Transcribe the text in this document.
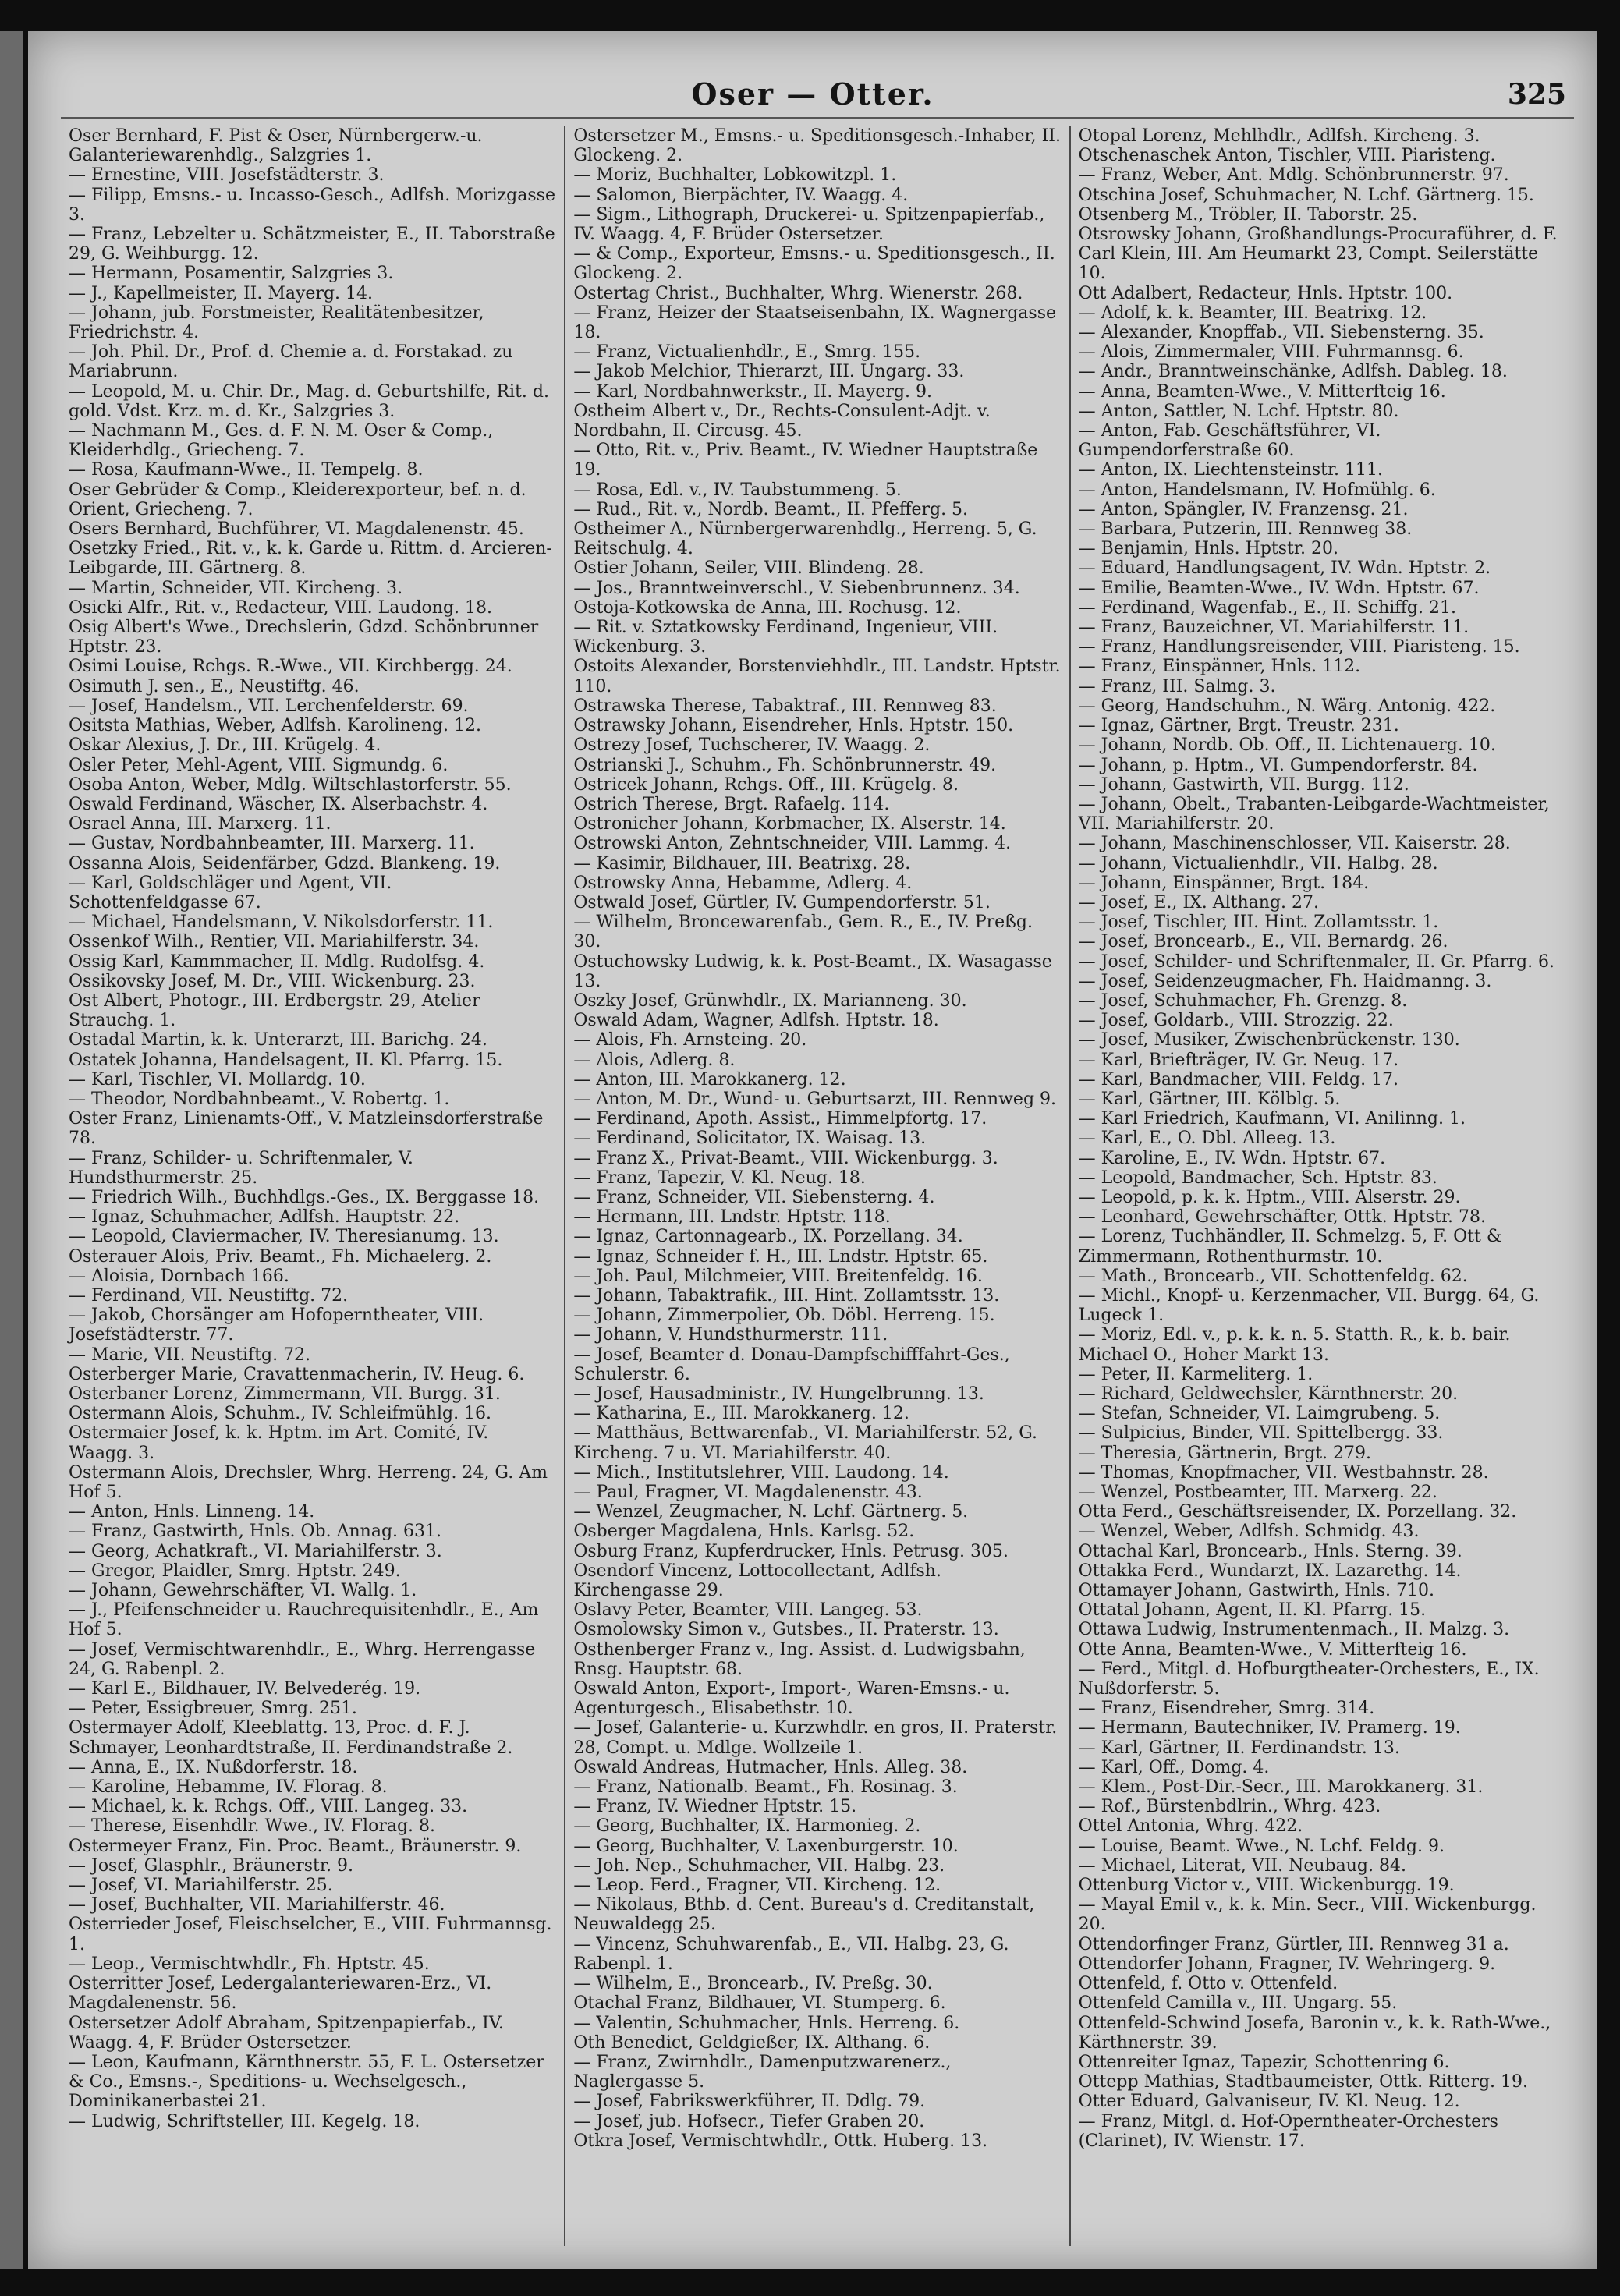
Oser — Otter.	325

Oser Bernhard, F. Pist & Oser, Nürnbergerw.-u. Galanteriewarenhdlg., Salzgries 1.

— Ernestine, VIII. Josefstädterstr. 3.

— Filipp, Emsns.- u. Incasso-Gesch., Adlfsh. Morizgasse 3.

— Franz, Lebzelter u. Schätzmeister, E., II. Taborstraße 29, G. Weihburgg. 12.

— Hermann, Posamentir, Salzgries 3.

— J., Kapellmeister, II. Mayerg. 14.

— Johann, jub. Forstmeister, Realitätenbesitzer, Friedrichstr. 4.

— Joh. Phil. Dr., Prof. d. Chemie a. d. Forstakad. zu Mariabrunn.

— Leopold, M. u. Chir. Dr., Mag. d. Geburtshilfe, Rit. d. gold. Vdst. Krz. m. d. Kr., Salzgries 3.

— Nachmann M., Ges. d. F. N. M. Oser & Comp., Kleiderhdlg., Griecheng. 7.

— Rosa, Kaufmann-Wwe., II. Tempelg. 8.

Oser Gebrüder & Comp., Kleiderexporteur, bef. n. d. Orient, Griecheng. 7.

Osers Bernhard, Buchführer, VI. Magdalenenstr. 45.

Osetzky Fried., Rit. v., k. k. Garde u. Rittm. d. Arcieren-Leibgarde, III. Gärtnerg. 8.

— Martin, Schneider, VII. Kircheng. 3.

Osicki Alfr., Rit. v., Redacteur, VIII. Laudong. 18.

Osig Albert's Wwe., Drechslerin, Gdzd. Schönbrunner Hptstr. 23.

Osimi Louise, Rchgs. R.-Wwe., VII. Kirchbergg. 24.

Osimuth J. sen., E., Neustiftg. 46.

— Josef, Handelsm., VII. Lerchenfelderstr. 69.

Ositsta Mathias, Weber, Adlfsh. Karolineng. 12.

Oskar Alexius, J. Dr., III. Krügelg. 4.

Osler Peter, Mehl-Agent, VIII. Sigmundg. 6.

Osoba Anton, Weber, Mdlg. Wiltschlastorferstr. 55.

Oswald Ferdinand, Wäscher, IX. Alserbachstr. 4.

Osrael Anna, III. Marxerg. 11.

— Gustav, Nordbahnbeamter, III. Marxerg. 11.

Ossanna Alois, Seidenfärber, Gdzd. Blankeng. 19.

— Karl, Goldschläger und Agent, VII. Schottenfeldgasse 67.

— Michael, Handelsmann, V. Nikolsdorferstr. 11.

Ossenkof Wilh., Rentier, VII. Mariahilferstr. 34.

Ossig Karl, Kammmacher, II. Mdlg. Rudolfsg. 4.

Ossikovsky Josef, M. Dr., VIII. Wickenburg. 23.

Ost Albert, Photogr., III. Erdbergstr. 29, Atelier Strauchg. 1.

Ostadal Martin, k. k. Unterarzt, III. Barichg. 24.

Ostatek Johanna, Handelsagent, II. Kl. Pfarrg. 15.

— Karl, Tischler, VI. Mollardg. 10.

— Theodor, Nordbahnbeamt., V. Robertg. 1.

Oster Franz, Linienamts-Off., V. Matzleinsdorferstraße 78.

— Franz, Schilder- u. Schriftenmaler, V. Hundsthurmerstr. 25.

— Friedrich Wilh., Buchhdlgs.-Ges., IX. Berggasse 18.

— Ignaz, Schuhmacher, Adlfsh. Hauptstr. 22.

— Leopold, Claviermacher, IV. Theresianumg. 13.

Osterauer Alois, Priv. Beamt., Fh. Michaelerg. 2.

— Aloisia, Dornbach 166.

— Ferdinand, VII. Neustiftg. 72.

— Jakob, Chorsänger am Hofoperntheater, VIII. Josefstädterstr. 77.

— Marie, VII. Neustiftg. 72.

Osterberger Marie, Cravattenmacherin, IV. Heug. 6.

Osterbaner Lorenz, Zimmermann, VII. Burgg. 31.

Ostermann Alois, Schuhm., IV. Schleifmühlg. 16.

Ostermaier Josef, k. k. Hptm. im Art. Comité, IV. Waagg. 3.

Ostermann Alois, Drechsler, Whrg. Herreng. 24, G. Am Hof 5.

— Anton, Hnls. Linneng. 14.

— Franz, Gastwirth, Hnls. Ob. Annag. 631.

— Georg, Achatkraft., VI. Mariahilferstr. 3.

— Gregor, Plaidler, Smrg. Hptstr. 249.

— Johann, Gewehrschäfter, VI. Wallg. 1.

— J., Pfeifenschneider u. Rauchrequisitenhdlr., E., Am Hof 5.

— Josef, Vermischtwarenhdlr., E., Whrg. Herrengasse 24, G. Rabenpl. 2.

— Karl E., Bildhauer, IV. Belvederég. 19.

— Peter, Essigbreuer, Smrg. 251.

Ostermayer Adolf, Kleeblattg. 13, Proc. d. F. J. Schmayer, Leonhardtstraße, II. Ferdinandstraße 2.

— Anna, E., IX. Nußdorferstr. 18.

— Karoline, Hebamme, IV. Florag. 8.

— Michael, k. k. Rchgs. Off., VIII. Langeg. 33.

— Therese, Eisenhdlr. Wwe., IV. Florag. 8.

Ostermeyer Franz, Fin. Proc. Beamt., Bräunerstr. 9.

— Josef, Glasphlr., Bräunerstr. 9.

— Josef, VI. Mariahilferstr. 25.

— Josef, Buchhalter, VII. Mariahilferstr. 46.

Osterrieder Josef, Fleischselcher, E., VIII. Fuhrmannsg. 1.

— Leop., Vermischtwhdlr., Fh. Hptstr. 45.

Osterritter Josef, Ledergalanteriewaren-Erz., VI. Magdalenenstr. 56.

Ostersetzer Adolf Abraham, Spitzenpapierfab., IV. Waagg. 4, F. Brüder Ostersetzer.

— Leon, Kaufmann, Kärnthnerstr. 55, F. L. Ostersetzer & Co., Emsns.-, Speditions- u. Wechselgesch., Dominikanerbastei 21.

— Ludwig, Schriftsteller, III. Kegelg. 18.

Ostersetzer M., Emsns.- u. Speditionsgesch.-Inhaber, II. Glockeng. 2.

— Moriz, Buchhalter, Lobkowitzpl. 1.

— Salomon, Bierpächter, IV. Waagg. 4.

— Sigm., Lithograph, Druckerei- u. Spitzenpapierfab., IV. Waagg. 4, F. Brüder Ostersetzer.

— & Comp., Exporteur, Emsns.- u. Speditionsgesch., II. Glockeng. 2.

Ostertag Christ., Buchhalter, Whrg. Wienerstr. 268.

— Franz, Heizer der Staatseisenbahn, IX. Wagnergasse 18.

— Franz, Victualienhdlr., E., Smrg. 155.

— Jakob Melchior, Thierarzt, III. Ungarg. 33.

— Karl, Nordbahnwerkstr., II. Mayerg. 9.

Ostheim Albert v., Dr., Rechts-Consulent-Adjt. v. Nordbahn, II. Circusg. 45.

— Otto, Rit. v., Priv. Beamt., IV. Wiedner Hauptstraße 19.

— Rosa, Edl. v., IV. Taubstummeng. 5.

— Rud., Rit. v., Nordb. Beamt., II. Pfefferg. 5.

Ostheimer A., Nürnbergerwarenhdlg., Herreng. 5, G. Reitschulg. 4.

Ostier Johann, Seiler, VIII. Blindeng. 28.

— Jos., Branntweinverschl., V. Siebenbrunnenz. 34.

Ostoja-Kotkowska de Anna, III. Rochusg. 12.

— Rit. v. Sztatkowsky Ferdinand, Ingenieur, VIII. Wickenburg. 3.

Ostoits Alexander, Borstenviehhdlr., III. Landstr. Hptstr. 110.

Ostrawska Therese, Tabaktraf., III. Rennweg 83.

Ostrawsky Johann, Eisendreher, Hnls. Hptstr. 150.

Ostrezy Josef, Tuchscherer, IV. Waagg. 2.

Ostrianski J., Schuhm., Fh. Schönbrunnerstr. 49.

Ostricek Johann, Rchgs. Off., III. Krügelg. 8.

Ostrich Therese, Brgt. Rafaelg. 114.

Ostronicher Johann, Korbmacher, IX. Alserstr. 14.

Ostrowski Anton, Zehntschneider, VIII. Lammg. 4.

— Kasimir, Bildhauer, III. Beatrixg. 28.

Ostrowsky Anna, Hebamme, Adlerg. 4.

Ostwald Josef, Gürtler, IV. Gumpendorferstr. 51.

— Wilhelm, Broncewarenfab., Gem. R., E., IV. Preßg. 30.

Ostuchowsky Ludwig, k. k. Post-Beamt., IX. Wasagasse 13.

Oszky Josef, Grünwhdlr., IX. Marianneng. 30.

Oswald Adam, Wagner, Adlfsh. Hptstr. 18.

— Alois, Fh. Arnsteing. 20.

— Alois, Adlerg. 8.

— Anton, III. Marokkanerg. 12.

— Anton, M. Dr., Wund- u. Geburtsarzt, III. Rennweg 9.

— Ferdinand, Apoth. Assist., Himmelpfortg. 17.

— Ferdinand, Solicitator, IX. Waisag. 13.

— Franz X., Privat-Beamt., VIII. Wickenburgg. 3.

— Franz, Tapezir, V. Kl. Neug. 18.

— Franz, Schneider, VII. Siebensterng. 4.

— Hermann, III. Lndstr. Hptstr. 118.

— Ignaz, Cartonnagearb., IX. Porzellang. 34.

— Ignaz, Schneider f. H., III. Lndstr. Hptstr. 65.

— Joh. Paul, Milchmeier, VIII. Breitenfeldg. 16.

— Johann, Tabaktrafik., III. Hint. Zollamtsstr. 13.

— Johann, Zimmerpolier, Ob. Döbl. Herreng. 15.

— Johann, V. Hundsthurmerstr. 111.

— Josef, Beamter d. Donau-Dampfschifffahrt-Ges., Schulerstr. 6.

— Josef, Hausadministr., IV. Hungelbrunng. 13.

— Katharina, E., III. Marokkanerg. 12.

— Matthäus, Bettwarenfab., VI. Mariahilferstr. 52, G. Kircheng. 7 u. VI. Mariahilferstr. 40.

— Mich., Institutslehrer, VIII. Laudong. 14.

— Paul, Fragner, VI. Magdalenenstr. 43.

— Wenzel, Zeugmacher, N. Lchf. Gärtnerg. 5.

Osberger Magdalena, Hnls. Karlsg. 52.

Osburg Franz, Kupferdrucker, Hnls. Petrusg. 305.

Osendorf Vincenz, Lottocollectant, Adlfsh. Kirchengasse 29.

Oslavy Peter, Beamter, VIII. Langeg. 53.

Osmolowsky Simon v., Gutsbes., II. Praterstr. 13.

Osthenberger Franz v., Ing. Assist. d. Ludwigsbahn, Rnsg. Hauptstr. 68.

Oswald Anton, Export-, Import-, Waren-Emsns.- u. Agenturgesch., Elisabethstr. 10.

— Josef, Galanterie- u. Kurzwhdlr. en gros, II. Praterstr. 28, Compt. u. Mdlge. Wollzeile 1.

Oswald Andreas, Hutmacher, Hnls. Alleg. 38.

— Franz, Nationalb. Beamt., Fh. Rosinag. 3.

— Franz, IV. Wiedner Hptstr. 15.

— Georg, Buchhalter, IX. Harmonieg. 2.

— Georg, Buchhalter, V. Laxenburgerstr. 10.

— Joh. Nep., Schuhmacher, VII. Halbg. 23.

— Leop. Ferd., Fragner, VII. Kircheng. 12.

— Nikolaus, Bthb. d. Cent. Bureau's d. Creditanstalt, Neuwaldegg 25.

— Vincenz, Schuhwarenfab., E., VII. Halbg. 23, G. Rabenpl. 1.

— Wilhelm, E., Broncearb., IV. Preßg. 30.

Otachal Franz, Bildhauer, VI. Stumperg. 6.

— Valentin, Schuhmacher, Hnls. Herreng. 6.

Oth Benedict, Geldgießer, IX. Althang. 6.

— Franz, Zwirnhdlr., Damenputzwarenerz., Naglergasse 5.

— Josef, Fabrikswerkführer, II. Ddlg. 79.

— Josef, jub. Hofsecr., Tiefer Graben 20.

Otkra Josef, Vermischtwhdlr., Ottk. Huberg. 13.

Otopal Lorenz, Mehlhdlr., Adlfsh. Kircheng. 3.

Otschenaschek Anton, Tischler, VIII. Piaristeng.

— Franz, Weber, Ant. Mdlg. Schönbrunnerstr. 97.

Otschina Josef, Schuhmacher, N. Lchf. Gärtnerg. 15.

Otsenberg M., Tröbler, II. Taborstr. 25.

Otsrowsky Johann, Großhandlungs-Procuraführer, d. F. Carl Klein, III. Am Heumarkt 23, Compt. Seilerstätte 10.

Ott Adalbert, Redacteur, Hnls. Hptstr. 100.

— Adolf, k. k. Beamter, III. Beatrixg. 12.

— Alexander, Knopffab., VII. Siebensterng. 35.

— Alois, Zimmermaler, VIII. Fuhrmannsg. 6.

— Andr., Branntweinschänke, Adlfsh. Dableg. 18.

— Anna, Beamten-Wwe., V. Mitterfteig 16.

— Anton, Sattler, N. Lchf. Hptstr. 80.

— Anton, Fab. Geschäftsführer, VI. Gumpendorferstraße 60.

— Anton, IX. Liechtensteinstr. 111.

— Anton, Handelsmann, IV. Hofmühlg. 6.

— Anton, Spängler, IV. Franzensg. 21.

— Barbara, Putzerin, III. Rennweg 38.

— Benjamin, Hnls. Hptstr. 20.

— Eduard, Handlungsagent, IV. Wdn. Hptstr. 2.

— Emilie, Beamten-Wwe., IV. Wdn. Hptstr. 67.

— Ferdinand, Wagenfab., E., II. Schiffg. 21.

— Franz, Bauzeichner, VI. Mariahilferstr. 11.

— Franz, Handlungsreisender, VIII. Piaristeng. 15.

— Franz, Einspänner, Hnls. 112.

— Franz, III. Salmg. 3.

— Georg, Handschuhm., N. Wärg. Antonig. 422.

— Ignaz, Gärtner, Brgt. Treustr. 231.

— Johann, Nordb. Ob. Off., II. Lichtenauerg. 10.

— Johann, p. Hptm., VI. Gumpendorferstr. 84.

— Johann, Gastwirth, VII. Burgg. 112.

— Johann, Obelt., Trabanten-Leibgarde-Wachtmeister, VII. Mariahilferstr. 20.

— Johann, Maschinenschlosser, VII. Kaiserstr. 28.

— Johann, Victualienhdlr., VII. Halbg. 28.

— Johann, Einspänner, Brgt. 184.

— Josef, E., IX. Althang. 27.

— Josef, Tischler, III. Hint. Zollamtsstr. 1.

— Josef, Broncearb., E., VII. Bernardg. 26.

— Josef, Schilder- und Schriftenmaler, II. Gr. Pfarrg. 6.

— Josef, Seidenzeugmacher, Fh. Haidmanng. 3.

— Josef, Schuhmacher, Fh. Grenzg. 8.

— Josef, Goldarb., VIII. Strozzig. 22.

— Josef, Musiker, Zwischenbrückenstr. 130.

— Karl, Briefträger, IV. Gr. Neug. 17.

— Karl, Bandmacher, VIII. Feldg. 17.

— Karl, Gärtner, III. Kölblg. 5.

— Karl Friedrich, Kaufmann, VI. Anilinng. 1.

— Karl, E., O. Dbl. Alleeg. 13.

— Karoline, E., IV. Wdn. Hptstr. 67.

— Leopold, Bandmacher, Sch. Hptstr. 83.

— Leopold, p. k. k. Hptm., VIII. Alserstr. 29.

— Leonhard, Gewehrschäfter, Ottk. Hptstr. 78.

— Lorenz, Tuchhändler, II. Schmelzg. 5, F. Ott & Zimmermann, Rothenthurmstr. 10.

— Math., Broncearb., VII. Schottenfeldg. 62.

— Michl., Knopf- u. Kerzenmacher, VII. Burgg. 64, G. Lugeck 1.

— Moriz, Edl. v., p. k. k. n. 5. Statth. R., k. b. bair. Michael O., Hoher Markt 13.

— Peter, II. Karmeliterg. 1.

— Richard, Geldwechsler, Kärnthnerstr. 20.

— Stefan, Schneider, VI. Laimgrubeng. 5.

— Sulpicius, Binder, VII. Spittelbergg. 33.

— Theresia, Gärtnerin, Brgt. 279.

— Thomas, Knopfmacher, VII. Westbahnstr. 28.

— Wenzel, Postbeamter, III. Marxerg. 22.

Otta Ferd., Geschäftsreisender, IX. Porzellang. 32.

— Wenzel, Weber, Adlfsh. Schmidg. 43.

Ottachal Karl, Broncearb., Hnls. Sterng. 39.

Ottakka Ferd., Wundarzt, IX. Lazarethg. 14.

Ottamayer Johann, Gastwirth, Hnls. 710.

Ottatal Johann, Agent, II. Kl. Pfarrg. 15.

Ottawa Ludwig, Instrumentenmach., II. Malzg. 3.

Otte Anna, Beamten-Wwe., V. Mitterfteig 16.

— Ferd., Mitgl. d. Hofburgtheater-Orchesters, E., IX. Nußdorferstr. 5.

— Franz, Eisendreher, Smrg. 314.

— Hermann, Bautechniker, IV. Pramerg. 19.

— Karl, Gärtner, II. Ferdinandstr. 13.

— Karl, Off., Domg. 4.

— Klem., Post-Dir.-Secr., III. Marokkanerg. 31.

— Rof., Bürstenbdlrin., Whrg. 423.

Ottel Antonia, Whrg. 422.

— Louise, Beamt. Wwe., N. Lchf. Feldg. 9.

— Michael, Literat, VII. Neubaug. 84.

Ottenburg Victor v., VIII. Wickenburgg. 19.

— Mayal Emil v., k. k. Min. Secr., VIII. Wickenburgg. 20.

Ottendorfinger Franz, Gürtler, III. Rennweg 31 a.

Ottendorfer Johann, Fragner, IV. Wehringerg. 9.

Ottenfeld, f. Otto v. Ottenfeld.

Ottenfeld Camilla v., III. Ungarg. 55.

Ottenfeld-Schwind Josefa, Baronin v., k. k. Rath-Wwe., Kärthnerstr. 39.

Ottenreiter Ignaz, Tapezir, Schottenring 6.

Ottepp Mathias, Stadtbaumeister, Ottk. Ritterg. 19.

Otter Eduard, Galvaniseur, IV. Kl. Neug. 12.

— Franz, Mitgl. d. Hof-Operntheater-Orchesters (Clarinet), IV. Wienstr. 17.
